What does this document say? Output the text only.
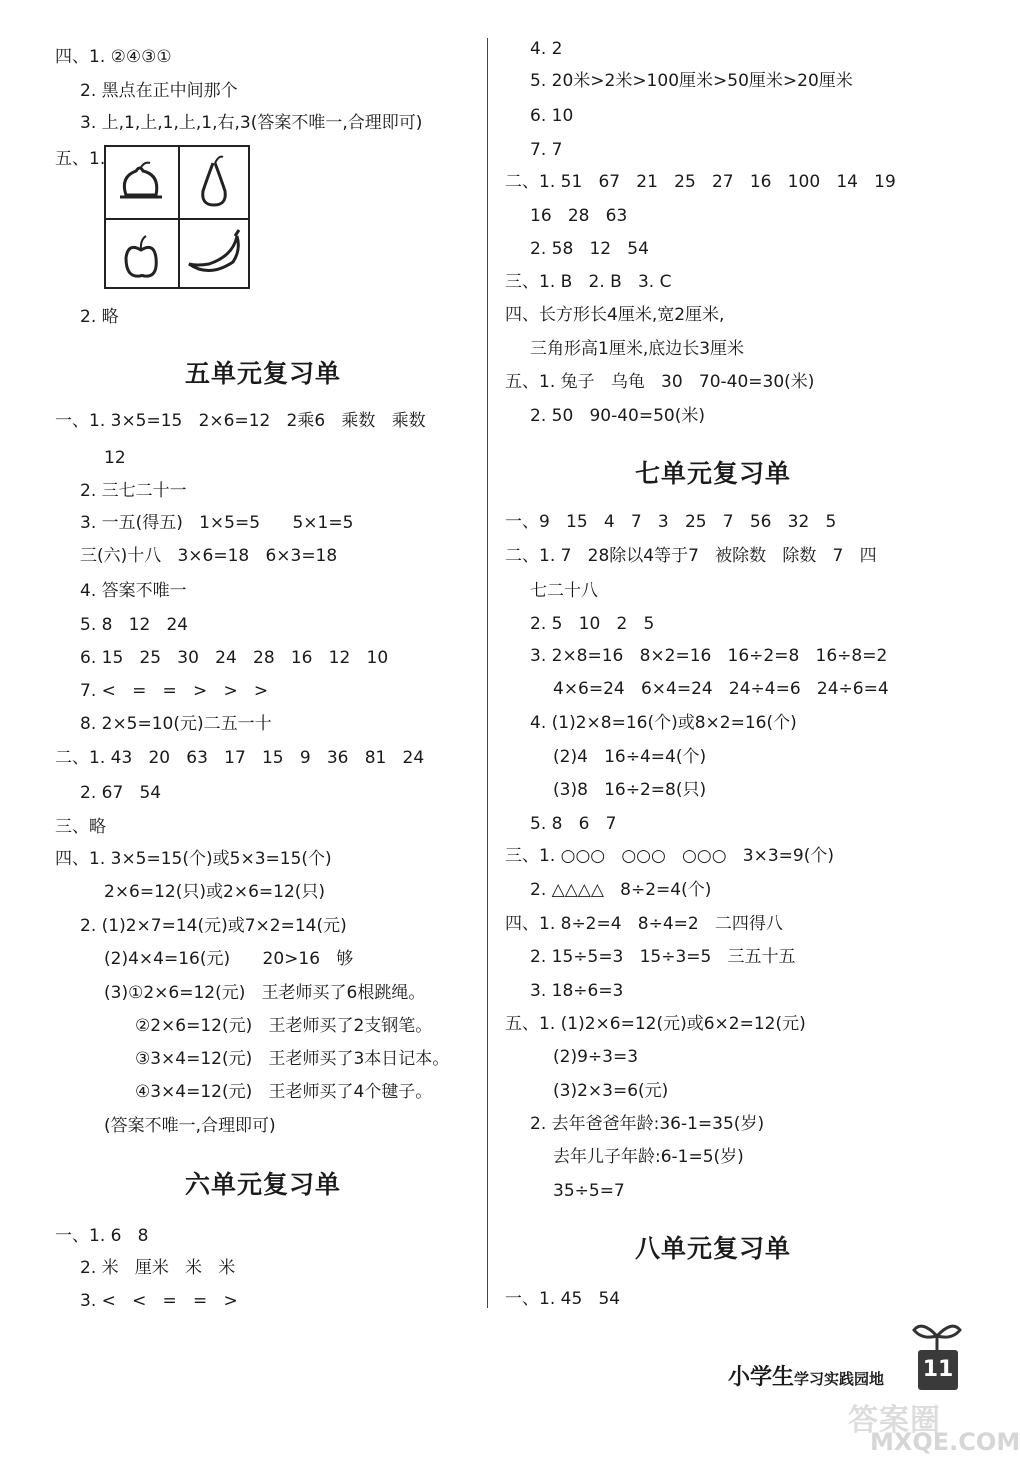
四、1. ②④③①
2. 黑点在正中间那个
3. 上,1,上,1,上,1,右,3(答案不唯一,合理即可)
五、1.
2. 略
五单元复习单
一、1. 3×5=15   2×6=12   2乘6   乘数   乘数
12
2. 三七二十一
3. 一五(得五)   1×5=5      5×1=5
三(六)十八   3×6=18   6×3=18
4. 答案不唯一
5. 8   12   24
6. 15   25   30   24   28   16   12   10
7. <   =   =   >   >   >
8. 2×5=10(元)二五一十
二、1. 43   20   63   17   15   9   36   81   24
2. 67   54
三、略
四、1. 3×5=15(个)或5×3=15(个)
2×6=12(只)或2×6=12(只)
2. (1)2×7=14(元)或7×2=14(元)
(2)4×4=16(元)      20>16   够
(3)①2×6=12(元)   王老师买了6根跳绳。
②2×6=12(元)   王老师买了2支钢笔。
③3×4=12(元)   王老师买了3本日记本。
④3×4=12(元)   王老师买了4个毽子。
(答案不唯一,合理即可)
六单元复习单
一、1. 6   8
2. 米   厘米   米   米
3. <   <   =   =   >
4. 2
5. 20米>2米>100厘米>50厘米>20厘米
6. 10
7. 7
二、1. 51   67   21   25   27   16   100   14   19
16   28   63
2. 58   12   54
三、1. B   2. B   3. C
四、长方形长4厘米,宽2厘米,
三角形高1厘米,底边长3厘米
五、1. 兔子   乌龟   30   70-40=30(米)
2. 50   90-40=50(米)
七单元复习单
一、9   15   4   7   3   25   7   56   32   5
二、1. 7   28除以4等于7   被除数   除数   7   四
七二十八
2. 5   10   2   5
3. 2×8=16   8×2=16   16÷2=8   16÷8=2
4×6=24   6×4=24   24÷4=6   24÷6=4
4. (1)2×8=16(个)或8×2=16(个)
(2)4   16÷4=4(个)
(3)8   16÷2=8(只)
5. 8   6   7
三、1. ○○○   ○○○   ○○○   3×3=9(个)
2. △△△△   8÷2=4(个)
四、1. 8÷2=4   8÷4=2   二四得八
2. 15÷5=3   15÷3=5   三五十五
3. 18÷6=3
五、1. (1)2×6=12(元)或6×2=12(元)
(2)9÷3=3
(3)2×3=6(元)
2. 去年爸爸年龄:36-1=35(岁)
去年儿子年龄:6-1=5(岁)
35÷5=7
八单元复习单
一、1. 45   54
小学生学习实践园地 11
答案圈
MXQE.COM
